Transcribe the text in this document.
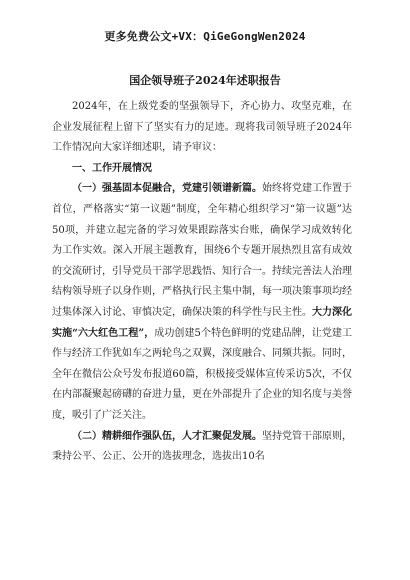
更多免费公文+VX：QiGeGongWen2024
国企领导班子2024年述职报告

2024年，在上级党委的坚强领导下，齐心协力、攻坚克难，在企业发展征程上留下了坚实有力的足迹。现将我司领导班子2024年工作情况向大家详细述职，请予审议：

一、工作开展情况

（一）强基固本促融合，党建引领谱新篇。始终将党建工作置于首位，严格落实“第一议题”制度，全年精心组织学习“第一议题”达50项，并建立起完备的学习效果跟踪落实台账，确保学习成效转化为工作实效。深入开展主题教育，围绕6个专题开展热烈且富有成效的交流研讨，引导党员干部学思践悟、知行合一。持续完善法人治理结构领导班子以身作则，严格执行民主集中制，每一项决策事项均经过集体深入讨论、审慎决定，确保决策的科学性与民主性。大力深化实施“六大红色工程”，成功创建5个特色鲜明的党建品牌，让党建工作与经济工作犹如车之两轮鸟之双翼，深度融合、同频共振。同时，全年在微信公众号发布报道60篇，积极接受媒体宣传采访5次，不仅在内部凝聚起磅礴的奋进力量，更在外部提升了企业的知名度与美誉度，吸引了广泛关注。

（二）精耕细作强队伍，人才汇聚促发展。坚持党管干部原则，秉持公平、公正、公开的选拔理念，选拔出10名
